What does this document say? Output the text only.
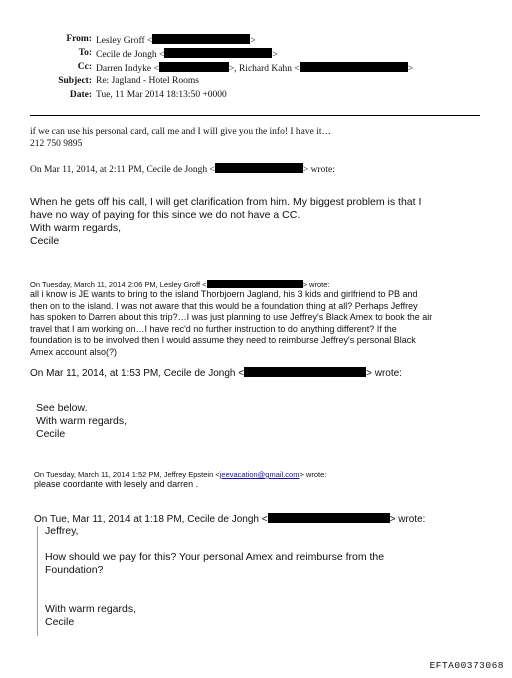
From: Lesley Groff <	>
To: Cecile de Jongh <	>
Cc: Darren Indyke <	>, Richard Kahn <	>
Subject: Re: Jagland - Hotel Rooms
Date: Tue, 11 Mar 2014 18:13:50 +0000
if we can use his personal card, call me and I will give you the info! I have it…
212 750 9895
On Mar 11, 2014, at 2:11 PM, Cecile de Jongh <	> wrote:
When he gets off his call, I will get clarification from him. My biggest problem is that I
have no way of paying for this since we do not have a CC.
With warm regards,
Cecile
On Tuesday, March 11, 2014 2:06 PM, Lesley Groff <	> wrote:
all i know is JE wants to bring to the island Thorbjoern Jagland, his 3 kids and girlfriend to PB and
then on to the island. I was not aware that this would be a foundation thing at all? Perhaps Jeffrey
has spoken to Darren about this trip?…I was just planning to use Jeffrey's Black Amex to book the air
travel that I am working on…I have rec'd no further instruction to do anything different? If the
foundation is to be involved then I would assume they need to reimburse Jeffrey's personal Black
Amex account also(?)
On Mar 11, 2014, at 1:53 PM, Cecile de Jongh <	> wrote:
See below.
With warm regards,
Cecile
On Tuesday, March 11, 2014 1:52 PM, Jeffrey Epstein <jeevacation@gmail.com> wrote:
please coordante with lesely and darren .
On Tue, Mar 11, 2014 at 1:18 PM, Cecile de Jongh <	> wrote:
Jeffrey,
How should we pay for this? Your personal Amex and reimburse from the
Foundation?
With warm regards,
Cecile
EFTA00373068
